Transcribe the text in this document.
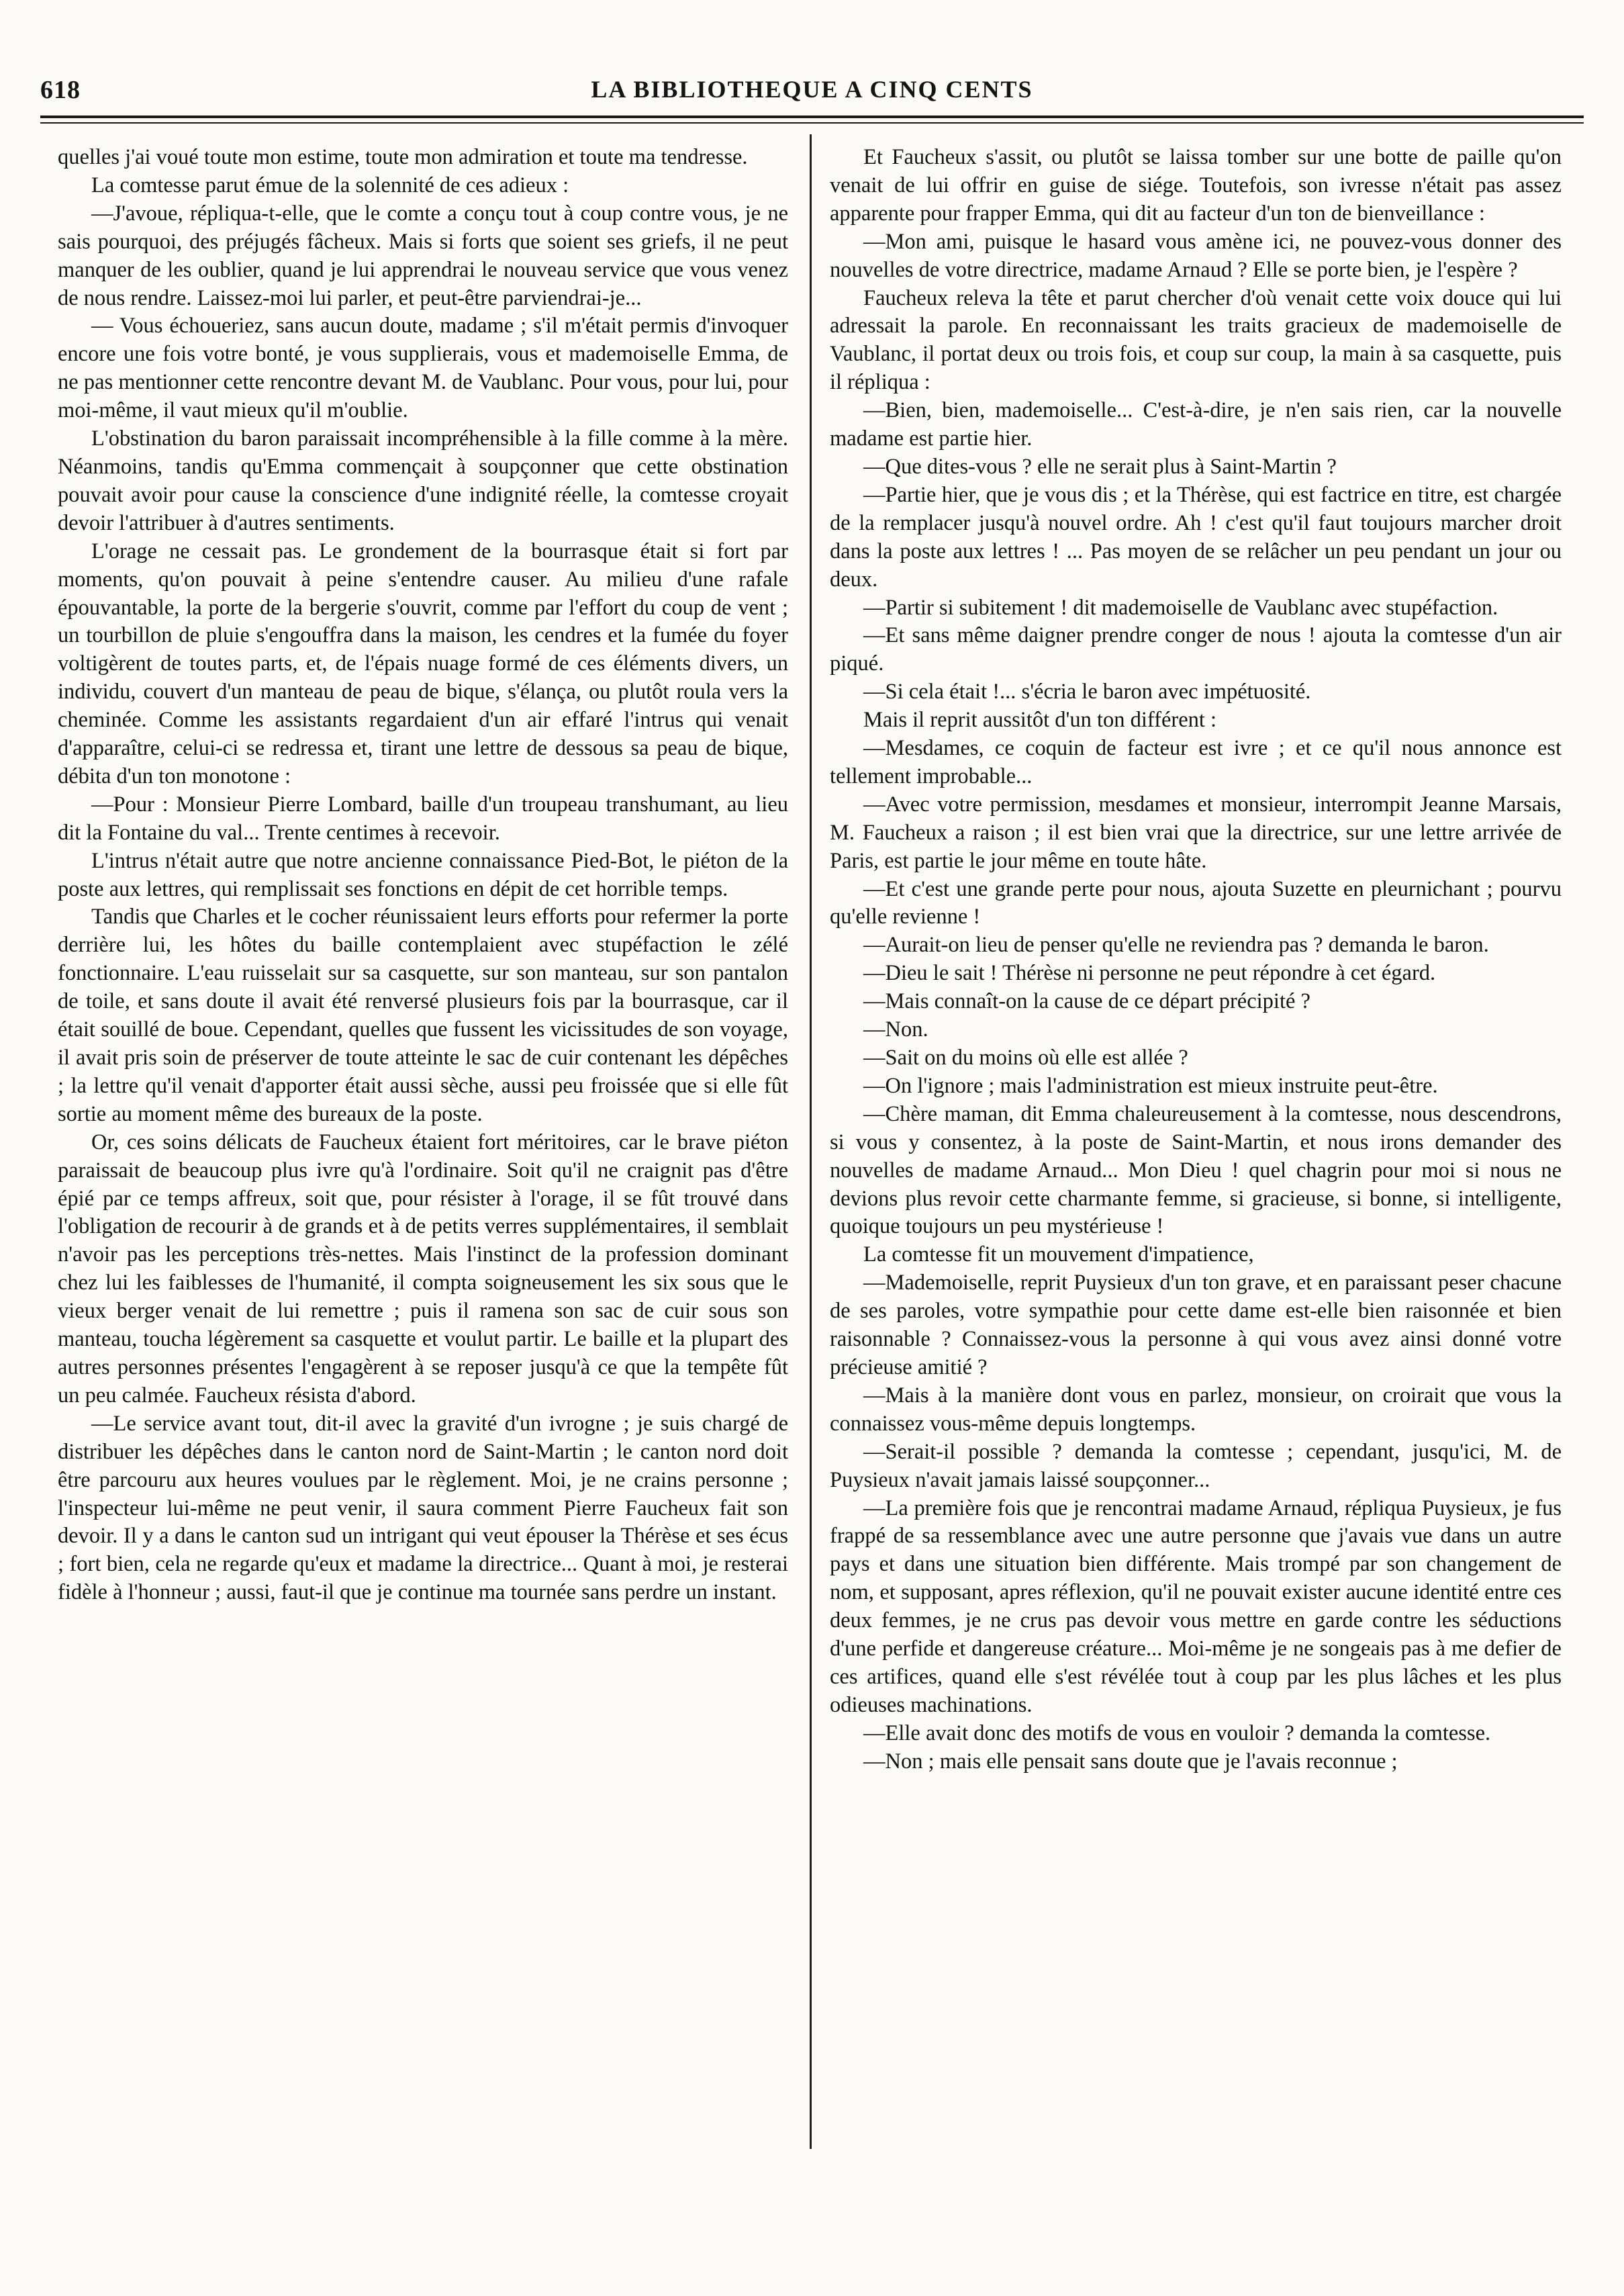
618	LA BIBLIOTHEQUE A CINQ CENTS

quelles j'ai voué toute mon estime, toute mon admiration et toute ma tendresse.

La comtesse parut émue de la solennité de ces adieux :

—J'avoue, répliqua-t-elle, que le comte a conçu tout à coup contre vous, je ne sais pourquoi, des préjugés fâcheux. Mais si forts que soient ses griefs, il ne peut manquer de les oublier, quand je lui apprendrai le nouveau service que vous venez de nous rendre. Laissez-moi lui parler, et peut-être parviendrai-je...

— Vous échoueriez, sans aucun doute, madame ; s'il m'était permis d'invoquer encore une fois votre bonté, je vous supplierais, vous et mademoiselle Emma, de ne pas mentionner cette rencontre devant M. de Vaublanc. Pour vous, pour lui, pour moi-même, il vaut mieux qu'il m'oublie.

L'obstination du baron paraissait incompréhensible à la fille comme à la mère. Néanmoins, tandis qu'Emma commençait à soupçonner que cette obstination pouvait avoir pour cause la conscience d'une indignité réelle, la comtesse croyait devoir l'attribuer à d'autres sentiments.

L'orage ne cessait pas. Le grondement de la bourrasque était si fort par moments, qu'on pouvait à peine s'entendre causer. Au milieu d'une rafale épouvantable, la porte de la bergerie s'ouvrit, comme par l'effort du coup de vent ; un tourbillon de pluie s'engouffra dans la maison, les cendres et la fumée du foyer voltigèrent de toutes parts, et, de l'épais nuage formé de ces éléments divers, un individu, couvert d'un manteau de peau de bique, s'élança, ou plutôt roula vers la cheminée. Comme les assistants regardaient d'un air effaré l'intrus qui venait d'apparaître, celui-ci se redressa et, tirant une lettre de dessous sa peau de bique, débita d'un ton monotone :

—Pour : Monsieur Pierre Lombard, baille d'un troupeau transhumant, au lieu dit la Fontaine du val... Trente centimes à recevoir.

L'intrus n'était autre que notre ancienne connaissance Pied-Bot, le piéton de la poste aux lettres, qui remplissait ses fonctions en dépit de cet horrible temps.

Tandis que Charles et le cocher réunissaient leurs efforts pour refermer la porte derrière lui, les hôtes du baille contemplaient avec stupéfaction le zélé fonctionnaire. L'eau ruisselait sur sa casquette, sur son manteau, sur son pantalon de toile, et sans doute il avait été renversé plusieurs fois par la bourrasque, car il était souillé de boue. Cependant, quelles que fussent les vicissitudes de son voyage, il avait pris soin de préserver de toute atteinte le sac de cuir contenant les dépêches ; la lettre qu'il venait d'apporter était aussi sèche, aussi peu froissée que si elle fût sortie au moment même des bureaux de la poste.

Or, ces soins délicats de Faucheux étaient fort méritoires, car le brave piéton paraissait de beaucoup plus ivre qu'à l'ordinaire. Soit qu'il ne craignit pas d'être épié par ce temps affreux, soit que, pour résister à l'orage, il se fût trouvé dans l'obligation de recourir à de grands et à de petits verres supplémentaires, il semblait n'avoir pas les perceptions très-nettes. Mais l'instinct de la profession dominant chez lui les faiblesses de l'humanité, il compta soigneusement les six sous que le vieux berger venait de lui remettre ; puis il ramena son sac de cuir sous son manteau, toucha légèrement sa casquette et voulut partir. Le baille et la plupart des autres personnes présentes l'engagèrent à se reposer jusqu'à ce que la tempête fût un peu calmée. Faucheux résista d'abord.

—Le service avant tout, dit-il avec la gravité d'un ivrogne ; je suis chargé de distribuer les dépêches dans le canton nord de Saint-Martin ; le canton nord doit être parcouru aux heures voulues par le règlement. Moi, je ne crains personne ; l'inspecteur lui-même ne peut venir, il saura comment Pierre Faucheux fait son devoir. Il y a dans le canton sud un intrigant qui veut épouser la Thérèse et ses écus ; fort bien, cela ne regarde qu'eux et madame la directrice... Quant à moi, je resterai fidèle à l'honneur ; aussi, faut-il que je continue ma tournée sans perdre un instant.

Et Faucheux s'assit, ou plutôt se laissa tomber sur une botte de paille qu'on venait de lui offrir en guise de siége. Toutefois, son ivresse n'était pas assez apparente pour frapper Emma, qui dit au facteur d'un ton de bienveillance :

—Mon ami, puisque le hasard vous amène ici, ne pouvez-vous donner des nouvelles de votre directrice, madame Arnaud ? Elle se porte bien, je l'espère ?

Faucheux releva la tête et parut chercher d'où venait cette voix douce qui lui adressait la parole. En reconnaissant les traits gracieux de mademoiselle de Vaublanc, il portat deux ou trois fois, et coup sur coup, la main à sa casquette, puis il répliqua :

—Bien, bien, mademoiselle... C'est-à-dire, je n'en sais rien, car la nouvelle madame est partie hier.

—Que dites-vous ? elle ne serait plus à Saint-Martin ?

—Partie hier, que je vous dis ; et la Thérèse, qui est factrice en titre, est chargée de la remplacer jusqu'à nouvel ordre. Ah ! c'est qu'il faut toujours marcher droit dans la poste aux lettres ! ... Pas moyen de se relâcher un peu pendant un jour ou deux.

—Partir si subitement ! dit mademoiselle de Vaublanc avec stupéfaction.

—Et sans même daigner prendre conger de nous ! ajouta la comtesse d'un air piqué.

—Si cela était !... s'écria le baron avec impétuosité.

Mais il reprit aussitôt d'un ton différent :

—Mesdames, ce coquin de facteur est ivre ; et ce qu'il nous annonce est tellement improbable...

—Avec votre permission, mesdames et monsieur, interrompit Jeanne Marsais, M. Faucheux a raison ; il est bien vrai que la directrice, sur une lettre arrivée de Paris, est partie le jour même en toute hâte.

—Et c'est une grande perte pour nous, ajouta Suzette en pleurnichant ; pourvu qu'elle revienne !

—Aurait-on lieu de penser qu'elle ne reviendra pas ? demanda le baron.

—Dieu le sait ! Thérèse ni personne ne peut répondre à cet égard.

—Mais connaît-on la cause de ce départ précipité ?

—Non.

—Sait on du moins où elle est allée ?

—On l'ignore ; mais l'administration est mieux instruite peut-être.

—Chère maman, dit Emma chaleureusement à la comtesse, nous descendrons, si vous y consentez, à la poste de Saint-Martin, et nous irons demander des nouvelles de madame Arnaud... Mon Dieu ! quel chagrin pour moi si nous ne devions plus revoir cette charmante femme, si gracieuse, si bonne, si intelligente, quoique toujours un peu mystérieuse !

La comtesse fit un mouvement d'impatience,

—Mademoiselle, reprit Puysieux d'un ton grave, et en paraissant peser chacune de ses paroles, votre sympathie pour cette dame est-elle bien raisonnée et bien raisonnable ? Connaissez-vous la personne à qui vous avez ainsi donné votre précieuse amitié ?

—Mais à la manière dont vous en parlez, monsieur, on croirait que vous la connaissez vous-même depuis longtemps.

—Serait-il possible ? demanda la comtesse ; cependant, jusqu'ici, M. de Puysieux n'avait jamais laissé soupçonner...

—La première fois que je rencontrai madame Arnaud, répliqua Puysieux, je fus frappé de sa ressemblance avec une autre personne que j'avais vue dans un autre pays et dans une situation bien différente. Mais trompé par son changement de nom, et supposant, apres réflexion, qu'il ne pouvait exister aucune identité entre ces deux femmes, je ne crus pas devoir vous mettre en garde contre les séductions d'une perfide et dangereuse créature... Moi-même je ne songeais pas à me defier de ces artifices, quand elle s'est révélée tout à coup par les plus lâches et les plus odieuses machinations.

—Elle avait donc des motifs de vous en vouloir ? demanda la comtesse.

—Non ; mais elle pensait sans doute que je l'avais reconnue ;
